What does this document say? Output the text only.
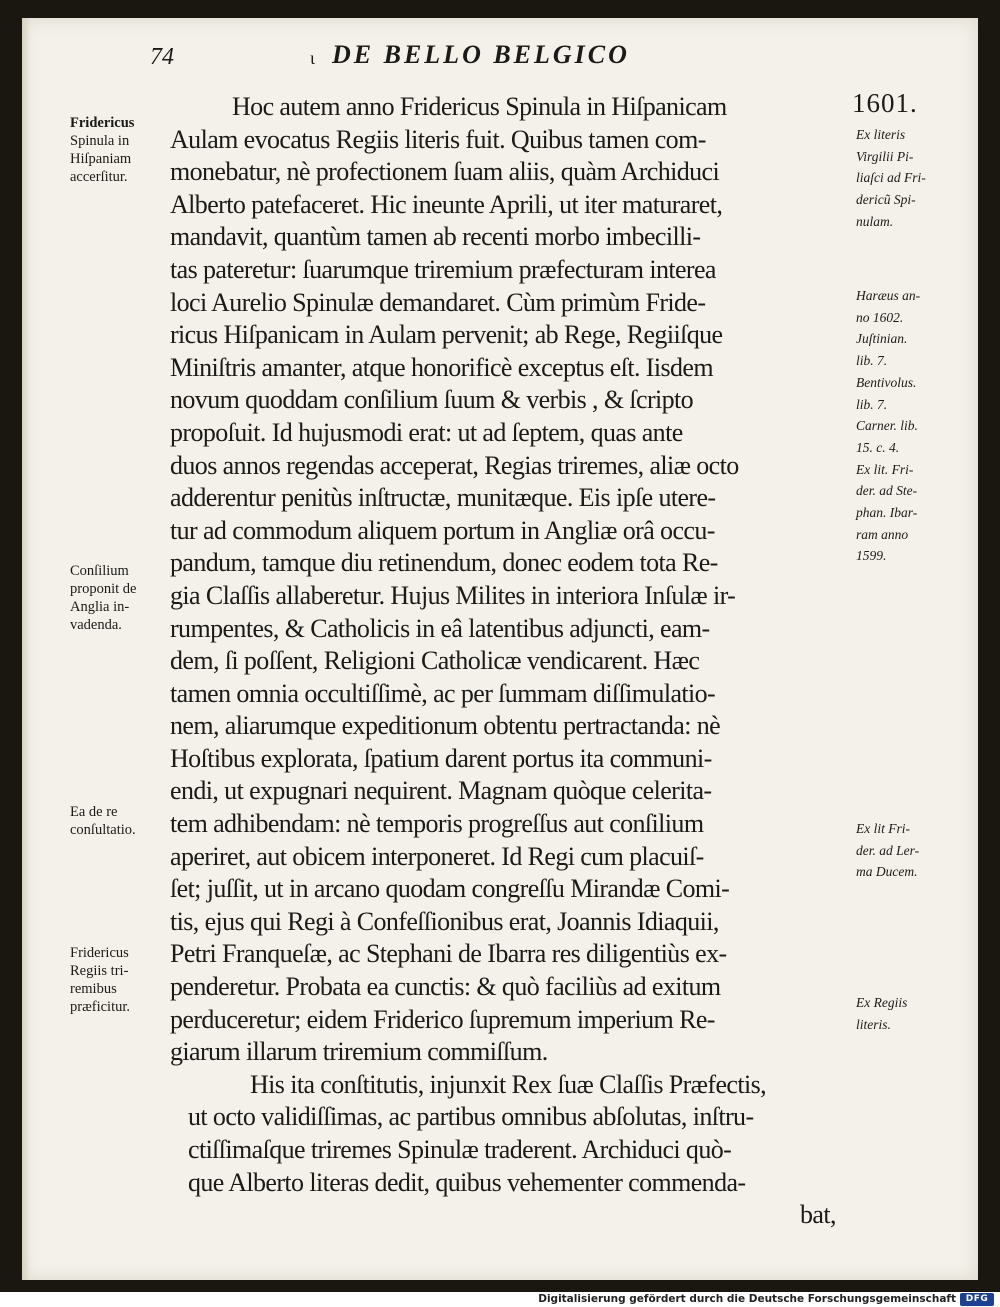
74	ɩ DE BELLO BELGICO
1601.
Hoc autem anno Fridericus Spinula in Hiſpanicam
Aulam evocatus Regiis literis fuit. Quibus tamen com-
monebatur, nè profectionem ſuam aliis, quàm Archiduci
Alberto patefaceret. Hic ineunte Aprili, ut iter maturaret,
mandavit, quantùm tamen ab recenti morbo imbecilli-
tas pateretur: ſuarumque triremium præfecturam interea
loci Aurelio Spinulæ demandaret. Cùm primùm Fride-
ricus Hiſpanicam in Aulam pervenit; ab Rege, Regiiſque
Miniſtris amanter, atque honorificè exceptus eſt. Iisdem
novum quoddam conſilium ſuum & verbis , & ſcripto
propoſuit. Id hujusmodi erat: ut ad ſeptem, quas ante
duos annos regendas acceperat, Regias triremes, aliæ octo
adderentur penitùs inſtructæ, munitæque. Eis ipſe utere-
tur ad commodum aliquem portum in Angliæ orâ occu-
pandum, tamque diu retinendum, donec eodem tota Re-
gia Claſſis allaberetur. Hujus Milites in interiora Inſulæ ir-
rumpentes, & Catholicis in eâ latentibus adjuncti, eam-
dem, ſi poſſent, Religioni Catholicæ vendicarent. Hæc
tamen omnia occultiſſimè, ac per ſummam diſſimulatio-
nem, aliarumque expeditionum obtentu pertractanda: nè
Hoſtibus explorata, ſpatium darent portus ita communi-
endi, ut expugnari nequirent. Magnam quòque celerita-
tem adhibendam: nè temporis progreſſus aut conſilium
aperiret, aut obicem interponeret. Id Regi cum placuiſ-
ſet; juſſit, ut in arcano quodam congreſſu Mirandæ Comi-
tis, ejus qui Regi à Confeſſionibus erat, Joannis Idiaquii,
Petri Franqueſæ, ac Stephani de Ibarra res diligentiùs ex-
penderetur. Probata ea cunctis: & quò faciliùs ad exitum
perduceretur; eidem Friderico ſupremum imperium Re-
giarum illarum triremium commiſſum.
His ita conſtitutis, injunxit Rex ſuæ Claſſis Præfectis,
ut octo validiſſimas, ac partibus omnibus abſolutas, inſtru-
ctiſſimaſque triremes Spinulæ traderent. Archiduci quò-
que Alberto literas dedit, quibus vehementer commenda-
bat,
Fridericus
Spinula in
Hiſpaniam
accerſitur.
Conſilium
proponit de
Anglia in-
vadenda.
Ea de re
conſultatio.
Fridericus
Regiis tri-
remibus
præficitur.
Ex literis
Virgilii Pi-
liaſci ad Fri-
dericũ Spi-
nulam.
Haræus an-
no 1602.
Juſtinian.
lib. 7.
Bentivolus.
lib. 7.
Carner. lib.
15. c. 4.
Ex lit. Fri-
der. ad Ste-
phan. Ibar-
ram anno
1599.
Ex lit Fri-
der. ad Ler-
ma Ducem.
Ex Regiis
literis.
Digitalisierung gefördert durch die Deutsche Forschungsgemeinschaft	DFG
